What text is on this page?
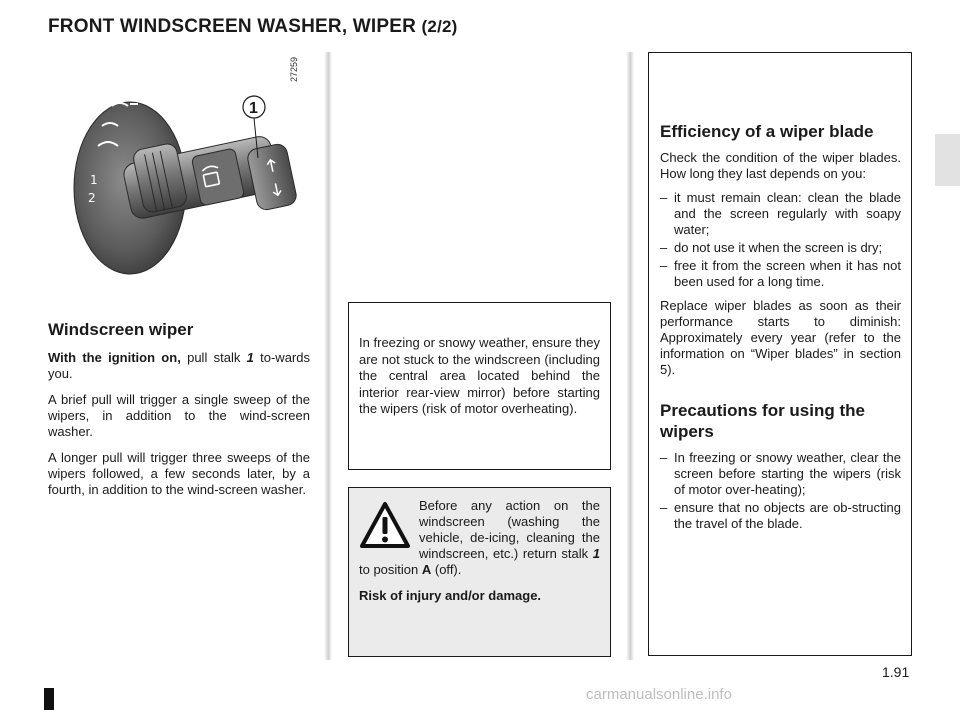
FRONT WINDSCREEN WASHER, WIPER (2/2)
27259
1
2
1
Windscreen wiper

With the ignition on, pull stalk 1 to-wards you.

A brief pull will trigger a single sweep of the wipers, in addition to the wind-screen washer.

A longer pull will trigger three sweeps of the wipers followed, a few seconds later, by a fourth, in addition to the wind-screen washer.

In freezing or snowy weather, ensure they are not stuck to the windscreen (including the central area located behind the interior rear-view mirror) before starting the wipers (risk of motor overheating).

Before any action on the windscreen (washing the vehicle, de-icing, cleaning the windscreen, etc.) return stalk 1 to position A (off).

Risk of injury and/or damage.

Efficiency of a wiper blade

Check the condition of the wiper blades. How long they last depends on you:

– it must remain clean: clean the blade and the screen regularly with soapy water;
– do not use it when the screen is dry;
– free it from the screen when it has not been used for a long time.

Replace wiper blades as soon as their performance starts to diminish: Approximately every year (refer to the information on “Wiper blades” in section 5).

Precautions for using the wipers
– In freezing or snowy weather, clear the screen before starting the wipers (risk of motor over-heating);
– ensure that no objects are ob-structing the travel of the blade.
1.91
carmanualsonline.info
